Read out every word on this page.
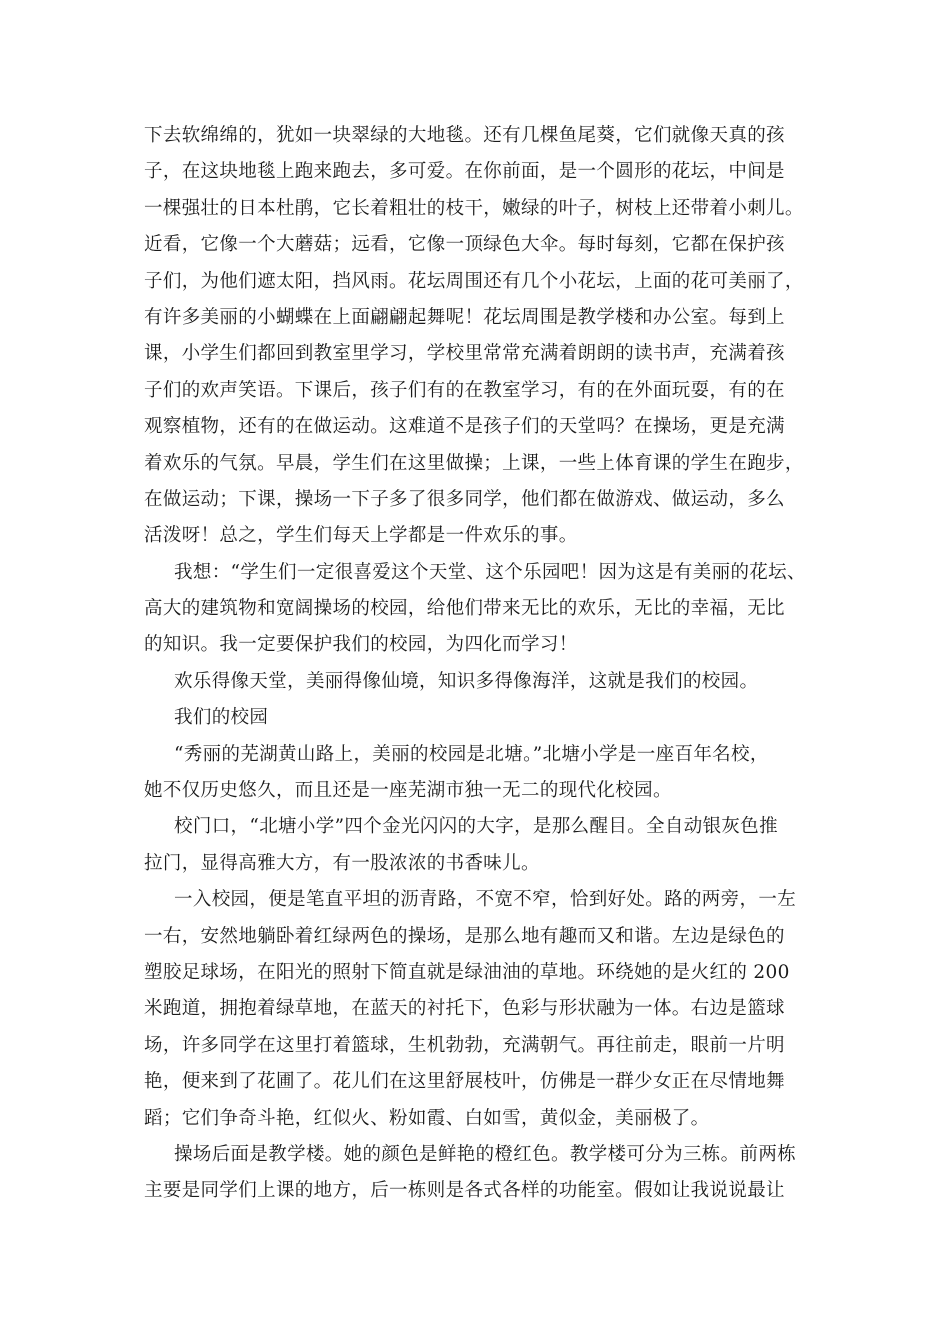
下去软绵绵的，犹如一块翠绿的大地毯。还有几棵鱼尾葵，它们就像天真的孩
子，在这块地毯上跑来跑去，多可爱。在你前面，是一个圆形的花坛，中间是
一棵强壮的日本杜鹃，它长着粗壮的枝干，嫩绿的叶子，树枝上还带着小刺儿。
近看，它像一个大蘑菇；远看，它像一顶绿色大伞。每时每刻，它都在保护孩
子们，为他们遮太阳，挡风雨。花坛周围还有几个小花坛，上面的花可美丽了，
有许多美丽的小蝴蝶在上面翩翩起舞呢！花坛周围是教学楼和办公室。每到上
课，小学生们都回到教室里学习，学校里常常充满着朗朗的读书声，充满着孩
子们的欢声笑语。下课后，孩子们有的在教室学习，有的在外面玩耍，有的在
观察植物，还有的在做运动。这难道不是孩子们的天堂吗？在操场，更是充满
着欢乐的气氛。早晨，学生们在这里做操；上课，一些上体育课的学生在跑步，
在做运动；下课，操场一下子多了很多同学，他们都在做游戏、做运动，多么
活泼呀！总之，学生们每天上学都是一件欢乐的事。
我想：“学生们一定很喜爱这个天堂、这个乐园吧！因为这是有美丽的花坛、
高大的建筑物和宽阔操场的校园，给他们带来无比的欢乐，无比的幸福，无比
的知识。我一定要保护我们的校园，为四化而学习！
欢乐得像天堂，美丽得像仙境，知识多得像海洋，这就是我们的校园。
我们的校园
“秀丽的芜湖黄山路上，美丽的校园是北塘。”北塘小学是一座百年名校，
她不仅历史悠久，而且还是一座芜湖市独一无二的现代化校园。
校门口，“北塘小学”四个金光闪闪的大字，是那么醒目。全自动银灰色推
拉门，显得高雅大方，有一股浓浓的书香味儿。
一入校园，便是笔直平坦的沥青路，不宽不窄，恰到好处。路的两旁，一左
一右，安然地躺卧着红绿两色的操场，是那么地有趣而又和谐。左边是绿色的
塑胶足球场，在阳光的照射下简直就是绿油油的草地。环绕她的是火红的 200
米跑道，拥抱着绿草地，在蓝天的衬托下，色彩与形状融为一体。右边是篮球
场，许多同学在这里打着篮球，生机勃勃，充满朝气。再往前走，眼前一片明
艳，便来到了花圃了。花儿们在这里舒展枝叶，仿佛是一群少女正在尽情地舞
蹈；它们争奇斗艳，红似火、粉如霞、白如雪，黄似金，美丽极了。
操场后面是教学楼。她的颜色是鲜艳的橙红色。教学楼可分为三栋。前两栋
主要是同学们上课的地方，后一栋则是各式各样的功能室。假如让我说说最让
